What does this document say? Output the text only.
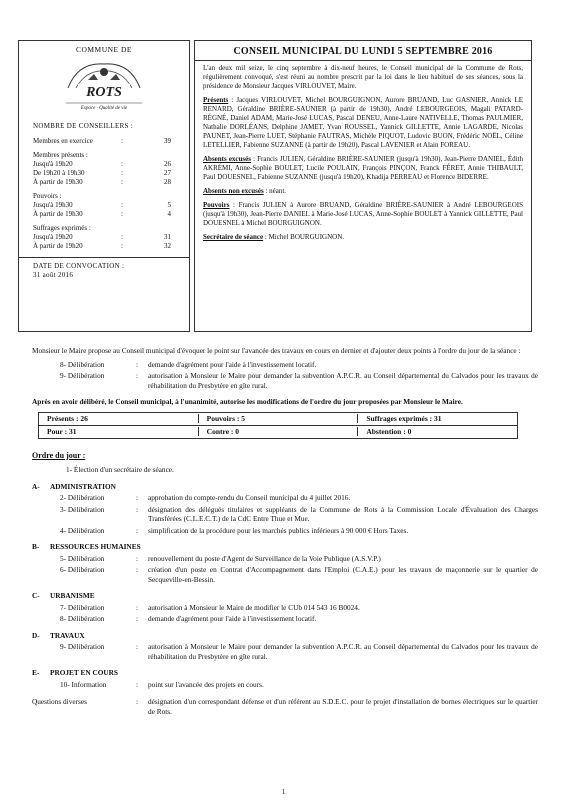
COMMUNE DE
ROTS
Espace · Qualité de vie
NOMBRE DE CONSEILLERS :
Membres en exercice	:	39
Membres présents :
Jusqu'à 19h20	:	26
De 19h20 à 19h30	:	27
À partir de 19h30	:	28
Pouvoirs :
Jusqu'à 19h30	:	5
À partir de 19h30	:	4
Suffrages exprimés :
Jusqu'à 19h20	:	31
À partir de 19h20	:	32
DATE DE CONVOCATION :
31 août 2016
CONSEIL MUNICIPAL DU LUNDI 5 SEPTEMBRE 2016

L'an deux mil seize, le cinq septembre à dix-neuf heures, le Conseil municipal de la Commune de Rots, régulièrement convoqué, s'est réuni au nombre prescrit par la loi dans le lieu habituel de ses séances, sous la présidence de Monsieur Jacques VIRLOUVET, Maire.

Présents : Jacques VIRLOUVET, Michel BOURGUIGNON, Aurore BRUAND, Luc GASNIER, Annick LE RENARD, Géraldine BRIÈRE-SAUNIER (à partir de 19h30), André LEBOURGEOIS, Magali PATARD-RÉGNÉ, Daniel ADAM, Marie-José LUCAS, Pascal DENEU, Anne-Laure NATIVELLE, Thomas PAULMIER, Nathalie DORLÉANS, Delphine JAMET, Yvan ROUSSEL, Yannick GILLETTE, Annie LAGARDE, Nicolas PAUNET, Jean-Pierre LUET, Stéphanie FAUTRAS, Michèle PIQUOT, Ludovic BUON, Frédéric NOËL, Céline LETELLIER, Fabienne SUZANNE (à partir de 19h20), Pascal LAVENIER et Alain FOREAU.

Absents excusés : Francis JULIEN, Géraldine BRIÈRE-SAUNIER (jusqu'à 19h30), Jean-Pierre DANIEL, Édith AKRÉMI, Anne-Sophie BOULET, Lucile POULAIN, François PINÇON, Franck FÉRET, Annie THIBAULT, Paul DOUESNEL, Fabienne SUZANNE (jusqu'à 19h20), Khadija PERREAU et Florence BIDERRE.

Absents non excusés : néant.

Pouvoirs : Francis JULIEN à Aurore BRUAND, Géraldine BRIÈRE-SAUNIER à André LEBOURGEOIS (jusqu'à 19h30), Jean-Pierre DANIEL à Marie-José LUCAS, Anne-Sophie BOULET à Yannick GILLETTE, Paul DOUESNEL à Michel BOURGUIGNON.

Secrétaire de séance : Michel BOURGUIGNON.

Monsieur le Maire propose au Conseil municipal d'évoquer le point sur l'avancée des travaux en cours en dernier et d'ajouter deux points à l'ordre du jour de la séance :
8- Délibération	:	demande d'agrément pour l'aide à l'investissement locatif.
9- Délibération	:	autorisation à Monsieur le Maire pour demander la subvention A.P.C.R. au Conseil départemental du Calvados pour les travaux de réhabilitation du Presbytère en gîte rural.
Après en avoir délibéré, le Conseil municipal, à l'unanimité, autorise les modifications de l'ordre du jour proposées par Monsieur le Maire.
Présents : 26	Pouvoirs : 5	Suffrages exprimés : 31
Pour : 31	Contre : 0	Abstention : 0
Ordre du jour :
1- Élection d'un secrétaire de séance.
A- ADMINISTRATION
2- Délibération	:	approbation du compte-rendu du Conseil municipal du 4 juillet 2016.
3- Délibération	:	désignation des délégués titulaires et suppléants de la Commune de Rots à la Commission Locale d'Évaluation des Charges Transférées (C.L.E.C.T.) de la CdC Entre Thue et Mue.
4- Délibération	:	simplification de la procédure pour les marchés publics inférieurs à 90 000 € Hors Taxes.
B- RESSOURCES HUMAINES
5- Délibération	:	renouvellement du poste d'Agent de Surveillance de la Voie Publique (A.S.V.P.)
6- Délibération	:	création d'un poste en Contrat d'Accompagnement dans l'Emploi (C.A.E.) pour les travaux de maçonnerie sur le quartier de Secqueville-en-Bessin.
C- URBANISME
7- Délibération	:	autorisation à Monsieur le Maire de modifier le CUb 014 543 16 B0024.
8- Délibération	:	demande d'agrément pour l'aide à l'investissement locatif.
D- TRAVAUX
9- Délibération	:	autorisation à Monsieur le Maire pour demander la subvention A.P.C.R. au Conseil départemental du Calvados pour les travaux de réhabilitation du Presbytère en gîte rural.
E- PROJET EN COURS
10- Information	:	point sur l'avancée des projets en cours.
Questions diverses	:	désignation d'un correspondant défense et d'un référent au S.D.E.C. pour le projet d'installation de bornes électriques sur le quartier de Rots.
1
